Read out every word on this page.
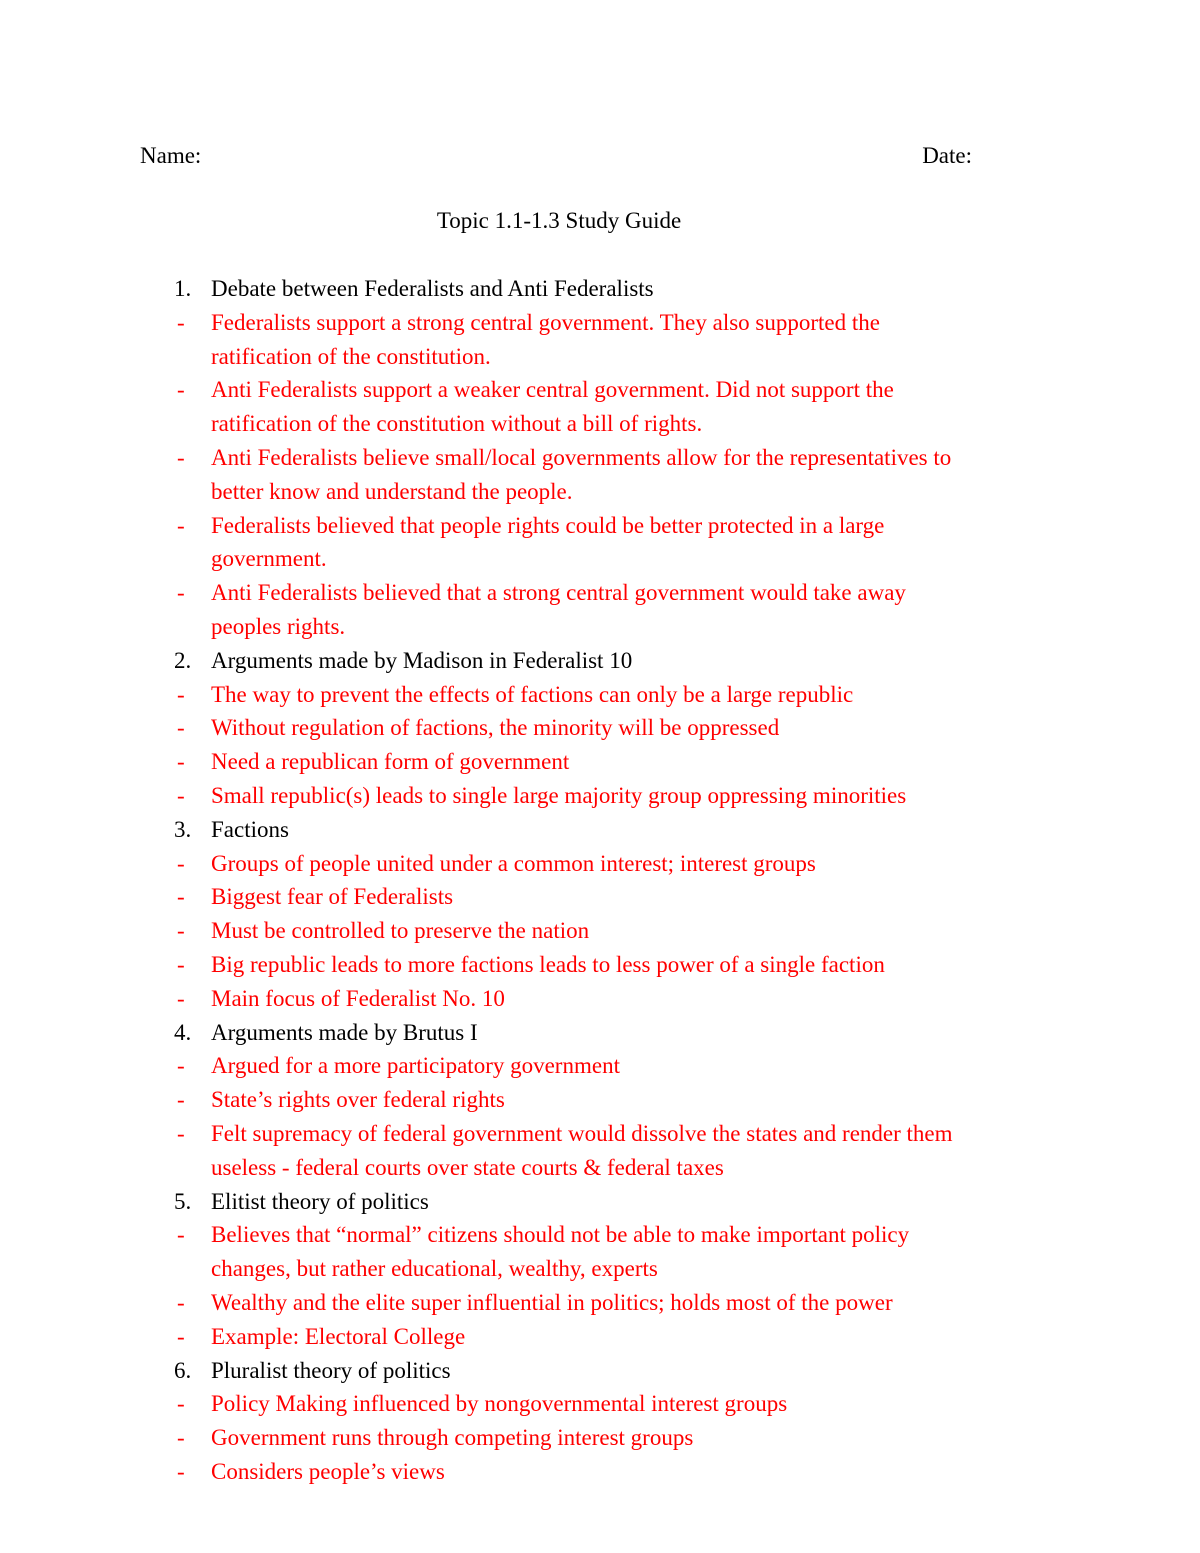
Name:	Date:
Topic 1.1-1.3 Study Guide
1. Debate between Federalists and Anti Federalists
-	Federalists support a strong central government. They also supported the
ratification of the constitution.
-	Anti Federalists support a weaker central government. Did not support the
ratification of the constitution without a bill of rights.
-	Anti Federalists believe small/local governments allow for the representatives to
better know and understand the people.
-	Federalists believed that people rights could be better protected in a large
government.
-	Anti Federalists believed that a strong central government would take away
peoples rights.
2. Arguments made by Madison in Federalist 10
-	The way to prevent the effects of factions can only be a large republic
-	Without regulation of factions, the minority will be oppressed
-	Need a republican form of government
-	Small republic(s) leads to single large majority group oppressing minorities
3. Factions
-	Groups of people united under a common interest; interest groups
-	Biggest fear of Federalists
-	Must be controlled to preserve the nation
-	Big republic leads to more factions leads to less power of a single faction
-	Main focus of Federalist No. 10
4. Arguments made by Brutus I
-	Argued for a more participatory government
-	State’s rights over federal rights
-	Felt supremacy of federal government would dissolve the states and render them
useless - federal courts over state courts & federal taxes
5. Elitist theory of politics
-	Believes that “normal” citizens should not be able to make important policy
changes, but rather educational, wealthy, experts
-	Wealthy and the elite super influential in politics; holds most of the power
-	Example: Electoral College
6. Pluralist theory of politics
-	Policy Making influenced by nongovernmental interest groups
-	Government runs through competing interest groups
-	Considers people’s views
